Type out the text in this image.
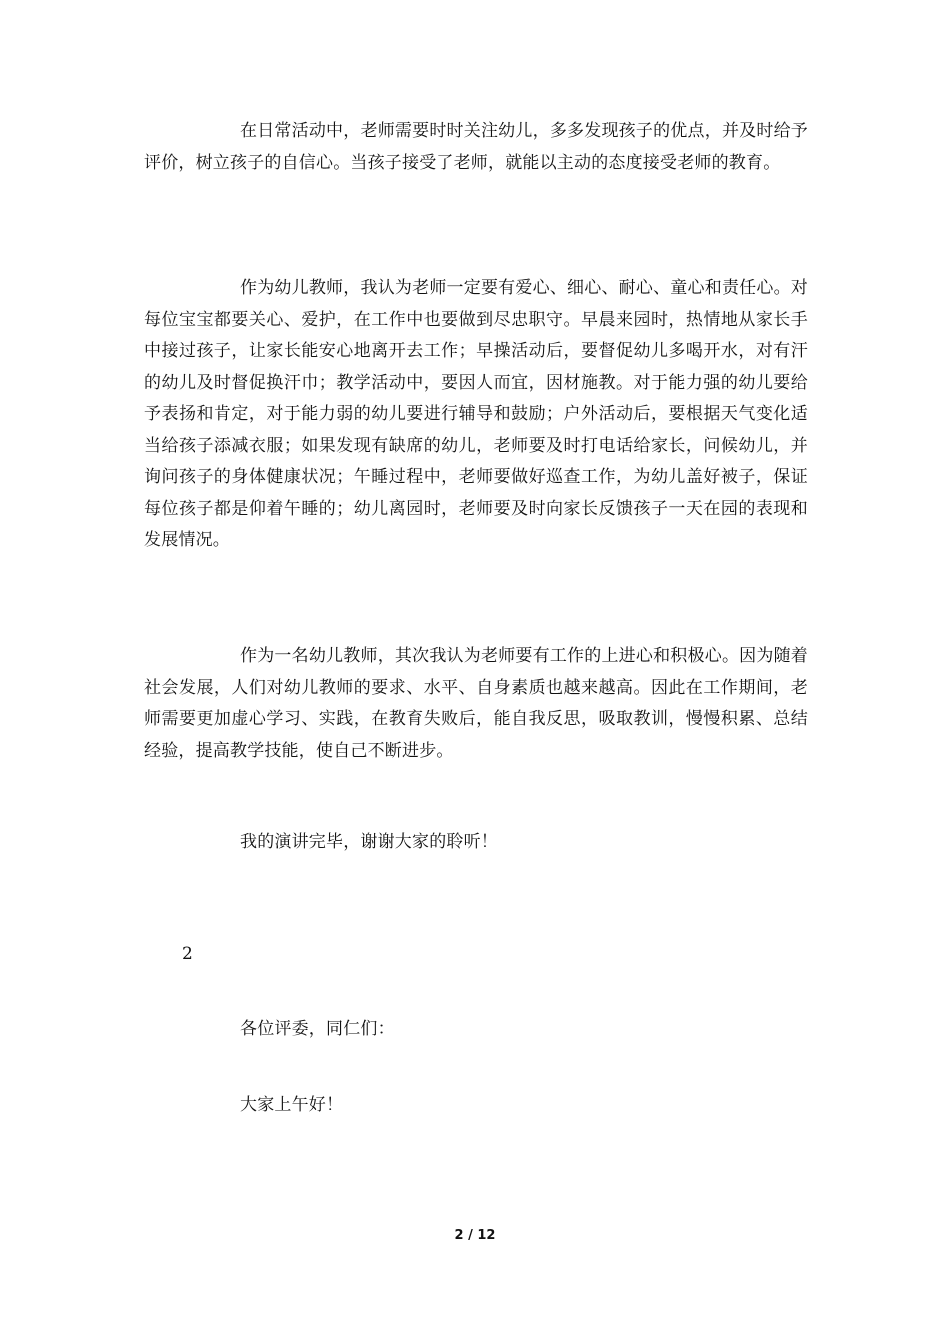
在日常活动中，老师需要时时关注幼儿，多多发现孩子的优点，并及时给予评价，树立孩子的自信心。当孩子接受了老师，就能以主动的态度接受老师的教育。

作为幼儿教师，我认为老师一定要有爱心、细心、耐心、童心和责任心。对每位宝宝都要关心、爱护，在工作中也要做到尽忠职守。早晨来园时，热情地从家长手中接过孩子，让家长能安心地离开去工作；早操活动后，要督促幼儿多喝开水，对有汗的幼儿及时督促换汗巾；教学活动中，要因人而宜，因材施教。对于能力强的幼儿要给予表扬和肯定，对于能力弱的幼儿要进行辅导和鼓励；户外活动后，要根据天气变化适当给孩子添减衣服；如果发现有缺席的幼儿，老师要及时打电话给家长，问候幼儿，并询问孩子的身体健康状况；午睡过程中，老师要做好巡查工作，为幼儿盖好被子，保证每位孩子都是仰着午睡的；幼儿离园时，老师要及时向家长反馈孩子一天在园的表现和发展情况。

作为一名幼儿教师，其次我认为老师要有工作的上进心和积极心。因为随着社会发展，人们对幼儿教师的要求、水平、自身素质也越来越高。因此在工作期间，老师需要更加虚心学习、实践，在教育失败后，能自我反思，吸取教训，慢慢积累、总结经验，提高教学技能，使自己不断进步。

我的演讲完毕，谢谢大家的聆听！

2

各位评委，同仁们：

大家上午好！

2 / 12
